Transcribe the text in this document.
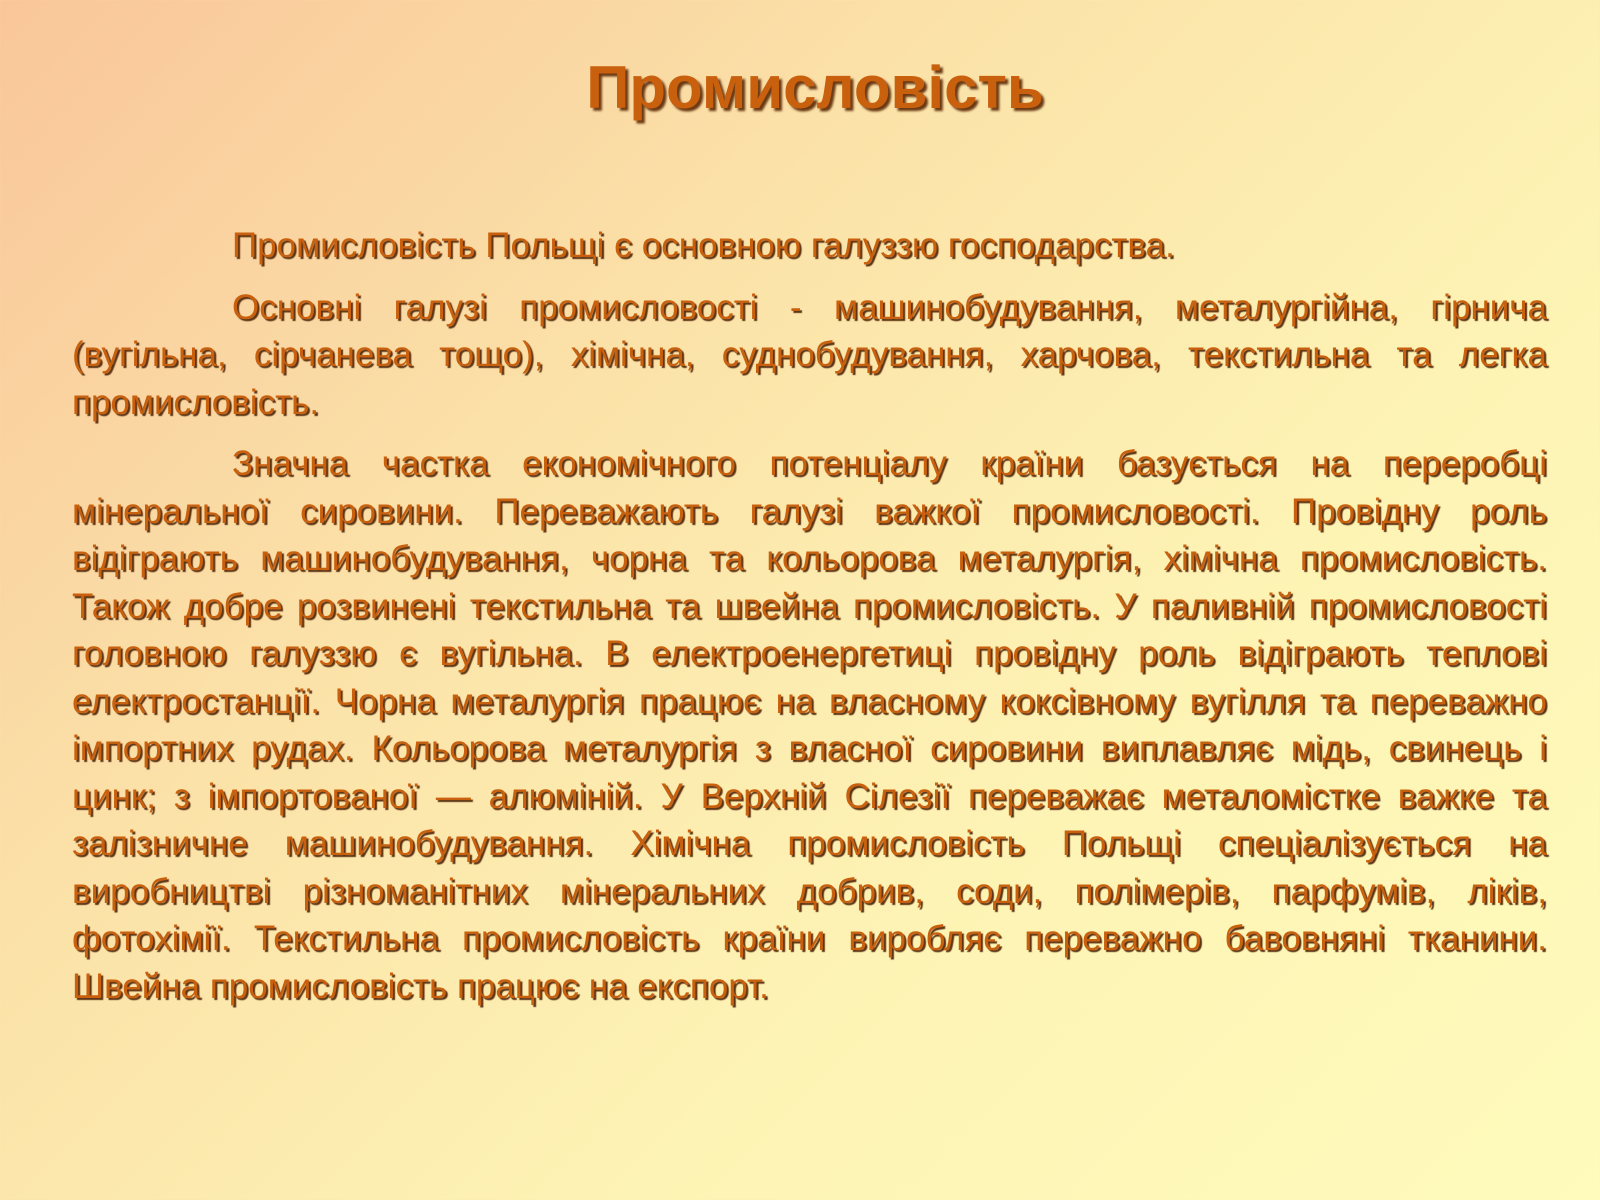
Промисловість

Промисловість Польщі є основною галуззю господарства.

Основні галузі промисловості - машинобудування, металургійна, гірнича (вугільна, сірчанева тощо), хімічна, суднобудування, харчова, текстильна та легка промисловість.

Значна частка економічного потенціалу країни базується на переробці мінеральної сировини. Переважають галузі важкої промисловості. Провідну роль відіграють машинобудування, чорна та кольорова металургія, хімічна промисловість. Також добре розвинені текстильна та швейна промисловість. У паливній промисловості головною галуззю є вугільна. В електроенергетиці провідну роль відіграють теплові електростанції. Чорна металургія працює на власному коксівному вугілля та переважно імпортних рудах. Кольорова металургія з власної сировини виплавляє мідь, свинець і цинк; з імпортованої — алюміній. У Верхній Сілезії переважає металомістке важке та залізничне машинобудування. Хімічна промисловість Польщі спеціалізується на виробництві різноманітних мінеральних добрив, соди, полімерів, парфумів, ліків, фотохімії. Текстильна промисловість країни виробляє переважно бавовняні тканини. Швейна промисловість працює на експорт.
